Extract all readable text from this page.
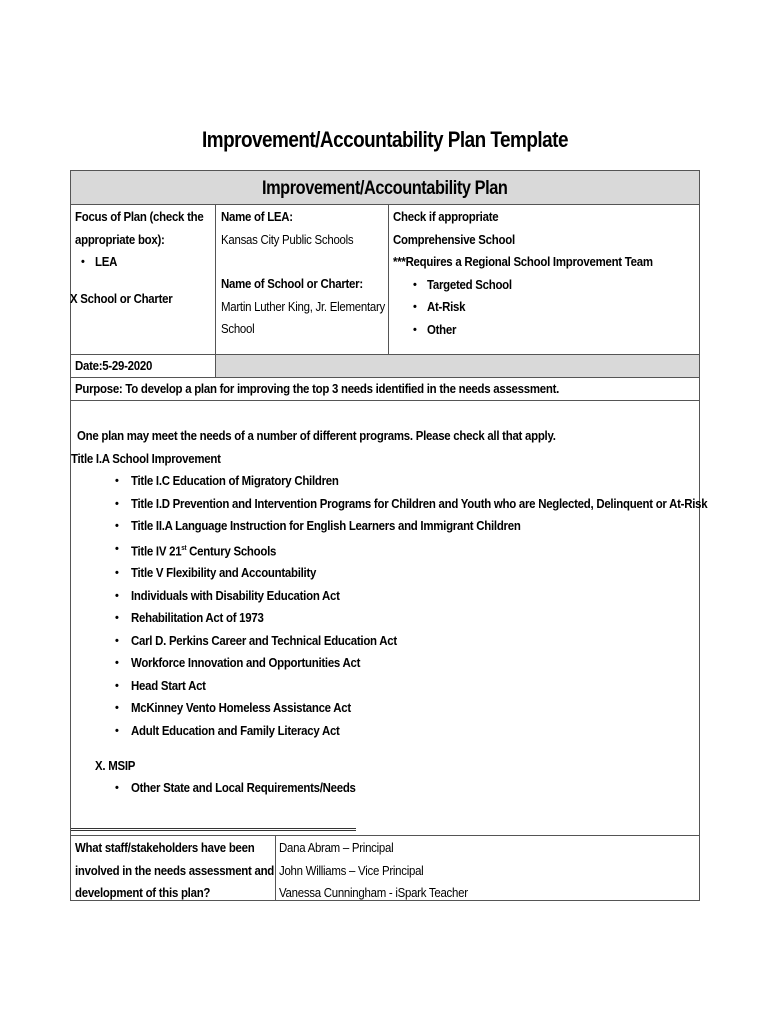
Improvement/Accountability Plan Template
Improvement/Accountability Plan
Focus of Plan (check the
appropriate box):
• LEA
X School or Charter
Name of LEA:
Kansas City Public Schools
Name of School or Charter:
Martin Luther King, Jr. Elementary
School
Check if appropriate
Comprehensive School
***Requires a Regional School Improvement Team
• Targeted School
• At-Risk
• Other
Date:5-29-2020
Purpose: To develop a plan for improving the top 3 needs identified in the needs assessment.
One plan may meet the needs of a number of different programs. Please check all that apply.
Title I.A School Improvement
• Title I.C Education of Migratory Children
• Title I.D Prevention and Intervention Programs for Children and Youth who are Neglected, Delinquent or At-Risk
• Title II.A Language Instruction for English Learners and Immigrant Children
• Title IV 21st Century Schools
• Title V Flexibility and Accountability
• Individuals with Disability Education Act
• Rehabilitation Act of 1973
• Carl D. Perkins Career and Technical Education Act
• Workforce Innovation and Opportunities Act
• Head Start Act
• McKinney Vento Homeless Assistance Act
• Adult Education and Family Literacy Act
X. MSIP
• Other State and Local Requirements/Needs
What staff/stakeholders have been
involved in the needs assessment and
development of this plan?
Dana Abram – Principal
John Williams – Vice Principal
Vanessa Cunningham - iSpark Teacher
